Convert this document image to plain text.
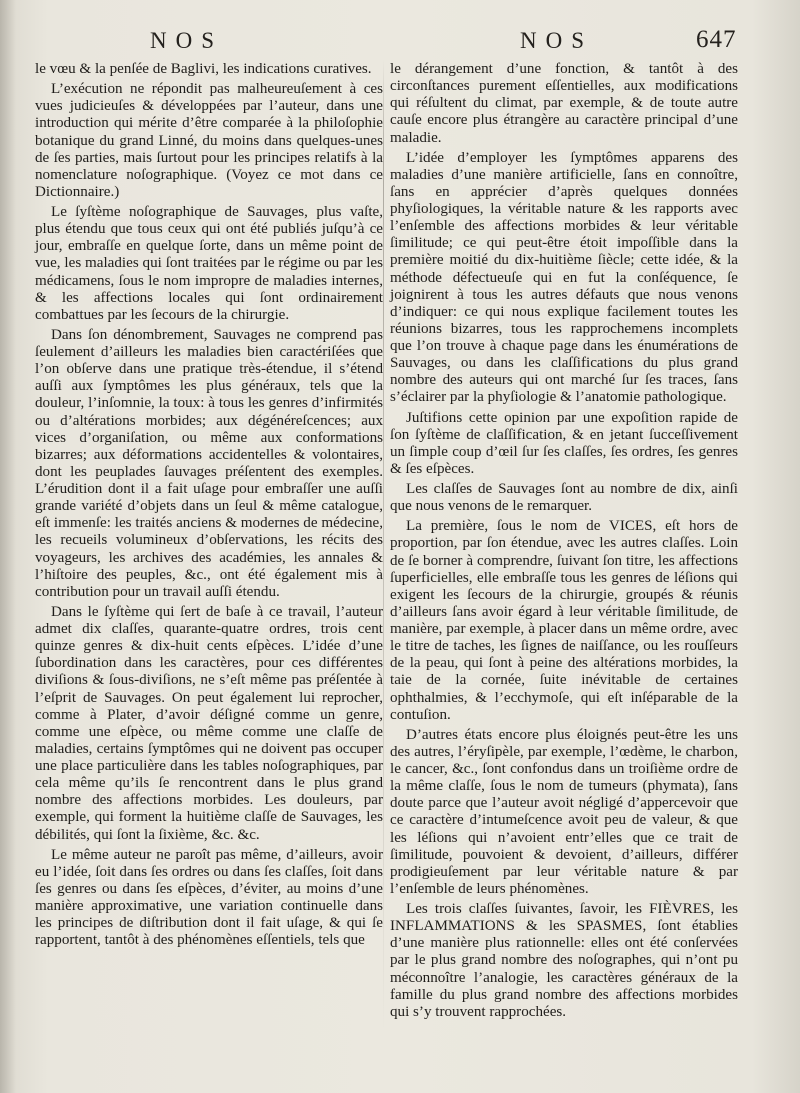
NOS	NOS	647

le vœu & la penſée de Baglivi, les indications curatives.

L’exécution ne répondit pas malheureuſement à ces vues judicieuſes & développées par l’auteur, dans une introduction qui mérite d’être comparée à la philoſophie botanique du grand Linné, du moins dans quelques-unes de ſes parties, mais ſurtout pour les principes relatifs à la nomenclature noſographique. (Voyez ce mot dans ce Dictionnaire.)

Le ſyſtème noſographique de Sauvages, plus vaſte, plus étendu que tous ceux qui ont été publiés juſqu’à ce jour, embraſſe en quelque ſorte, dans un même point de vue, les maladies qui ſont traitées par le régime ou par les médicamens, ſous le nom impropre de maladies internes, & les affections locales qui ſont ordinairement combattues par les ſecours de la chirurgie.

Dans ſon dénombrement, Sauvages ne comprend pas ſeulement d’ailleurs les maladies bien caractériſées que l’on obſerve dans une pratique très-étendue, il s’étend auſſi aux ſymptômes les plus généraux, tels que la douleur, l’inſomnie, la toux: à tous les genres d’infirmités ou d’altérations morbides; aux dégénéreſcences; aux vices d’organiſation, ou même aux conformations bizarres; aux déformations accidentelles & volontaires, dont les peuplades ſauvages préſentent des exemples. L’érudition dont il a fait uſage pour embraſſer une auſſi grande variété d’objets dans un ſeul & même catalogue, eſt immenſe: les traités anciens & modernes de médecine, les recueils volumineux d’obſervations, les récits des voyageurs, les archives des académies, les annales & l’hiſtoire des peuples, &c., ont été également mis à contribution pour un travail auſſi étendu.

Dans le ſyſtème qui ſert de baſe à ce travail, l’auteur admet dix claſſes, quarante-quatre ordres, trois cent quinze genres & dix-huit cents eſpèces. L’idée d’une ſubordination dans les caractères, pour ces différentes diviſions & ſous-diviſions, ne s’eſt même pas préſentée à l’eſprit de Sauvages. On peut également lui reprocher, comme à Plater, d’avoir déſigné comme un genre, comme une eſpèce, ou même comme une claſſe de maladies, certains ſymptômes qui ne doivent pas occuper une place particulière dans les tables noſographiques, par cela même qu’ils ſe rencontrent dans le plus grand nombre des affections morbides. Les douleurs, par exemple, qui forment la huitième claſſe de Sauvages, les débilités, qui ſont la ſixième, &c. &c.

Le même auteur ne paroît pas même, d’ailleurs, avoir eu l’idée, ſoit dans ſes ordres ou dans ſes claſſes, ſoit dans ſes genres ou dans ſes eſpèces, d’éviter, au moins d’une manière approximative, une variation continuelle dans les principes de diſtribution dont il fait uſage, & qui ſe rapportent, tantôt à des phénomènes eſſentiels, tels que

le dérangement d’une fonction, & tantôt à des circonſtances purement eſſentielles, aux modifications qui réſultent du climat, par exemple, & de toute autre cauſe encore plus étrangère au caractère principal d’une maladie.

L’idée d’employer les ſymptômes apparens des maladies d’une manière artificielle, ſans en connoître, ſans en apprécier d’après quelques données phyſiologiques, la véritable nature & les rapports avec l’enſemble des affections morbides & leur véritable ſimilitude; ce qui peut-être étoit impoſſible dans la première moitié du dix-huitième ſiècle; cette idée, & la méthode défectueuſe qui en fut la conſéquence, ſe joignirent à tous les autres défauts que nous venons d’indiquer: ce qui nous explique facilement toutes les réunions bizarres, tous les rapprochemens incomplets que l’on trouve à chaque page dans les énumérations de Sauvages, ou dans les claſſifications du plus grand nombre des auteurs qui ont marché ſur ſes traces, ſans s’éclairer par la phyſiologie & l’anatomie pathologique.

Juſtifions cette opinion par une expoſition rapide de ſon ſyſtème de claſſification, & en jetant ſucceſſivement un ſimple coup d’œil ſur ſes claſſes, ſes ordres, ſes genres & ſes eſpèces.

Les claſſes de Sauvages ſont au nombre de dix, ainſi que nous venons de le remarquer.

La première, ſous le nom de VICES, eſt hors de proportion, par ſon étendue, avec les autres claſſes. Loin de ſe borner à comprendre, ſuivant ſon titre, les affections ſuperficielles, elle embraſſe tous les genres de léſions qui exigent les ſecours de la chirurgie, groupés & réunis d’ailleurs ſans avoir égard à leur véritable ſimilitude, de manière, par exemple, à placer dans un même ordre, avec le titre de taches, les ſignes de naiſſance, ou les rouſſeurs de la peau, qui ſont à peine des altérations morbides, la taie de la cornée, ſuite inévitable de certaines ophthalmies, & l’ecchymoſe, qui eſt inſéparable de la contuſion.

D’autres états encore plus éloignés peut-être les uns des autres, l’éryſipèle, par exemple, l’œdème, le charbon, le cancer, &c., ſont confondus dans un troiſième ordre de la même claſſe, ſous le nom de tumeurs (phymata), ſans doute parce que l’auteur avoit négligé d’appercevoir que ce caractère d’intumeſcence avoit peu de valeur, & que les léſions qui n’avoient entr’elles que ce trait de ſimilitude, pouvoient & devoient, d’ailleurs, différer prodigieuſement par leur véritable nature & par l’enſemble de leurs phénomènes.

Les trois claſſes ſuivantes, ſavoir, les FIÈVRES, les INFLAMMATIONS & les SPASMES, ſont établies d’une manière plus rationnelle: elles ont été conſervées par le plus grand nombre des noſographes, qui n’ont pu méconnoître l’analogie, les caractères généraux de la famille du plus grand nombre des affections morbides qui s’y trouvent rapprochées.
